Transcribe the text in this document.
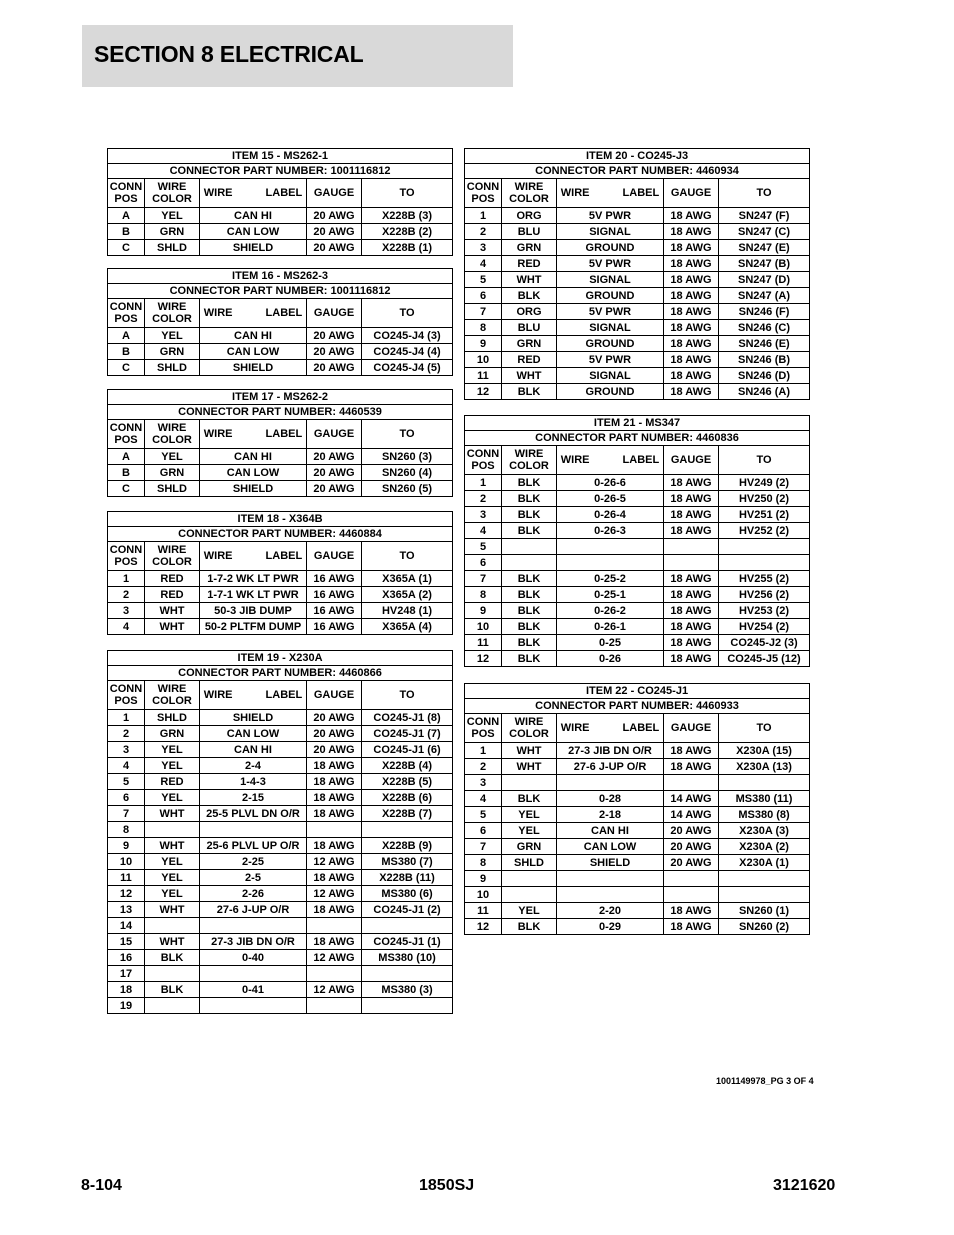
SECTION 8 ELECTRICAL
ITEM 15 - MS262-1				
CONNECTOR PART NUMBER: 1001116812				
CONN POS	WIRE COLOR	WIRE LABEL	GAUGE	TO
A	YEL	CAN HI	20 AWG	X228B (3)
B	GRN	CAN LOW	20 AWG	X228B (2)
C	SHLD	SHIELD	20 AWG	X228B (1)
ITEM 16 - MS262-3				
CONNECTOR PART NUMBER: 1001116812				
CONN POS	WIRE COLOR	WIRE LABEL	GAUGE	TO
A	YEL	CAN HI	20 AWG	CO245-J4 (3)
B	GRN	CAN LOW	20 AWG	CO245-J4 (4)
C	SHLD	SHIELD	20 AWG	CO245-J4 (5)
ITEM 17 - MS262-2				
CONNECTOR PART NUMBER: 4460539				
CONN POS	WIRE COLOR	WIRE LABEL	GAUGE	TO
A	YEL	CAN HI	20 AWG	SN260 (3)
B	GRN	CAN LOW	20 AWG	SN260 (4)
C	SHLD	SHIELD	20 AWG	SN260 (5)
ITEM 18 - X364B				
CONNECTOR PART NUMBER: 4460884				
CONN POS	WIRE COLOR	WIRE LABEL	GAUGE	TO
1	RED	1-7-2 WK LT PWR	16 AWG	X365A (1)
2	RED	1-7-1 WK LT PWR	16 AWG	X365A (2)
3	WHT	50-3 JIB DUMP	16 AWG	HV248 (1)
4	WHT	50-2 PLTFM DUMP	16 AWG	X365A (4)
ITEM 19 - X230A				
CONNECTOR PART NUMBER: 4460866				
CONN POS	WIRE COLOR	WIRE LABEL	GAUGE	TO
1	SHLD	SHIELD	20 AWG	CO245-J1 (8)
2	GRN	CAN LOW	20 AWG	CO245-J1 (7)
3	YEL	CAN HI	20 AWG	CO245-J1 (6)
4	YEL	2-4	18 AWG	X228B (4)
5	RED	1-4-3	18 AWG	X228B (5)
6	YEL	2-15	18 AWG	X228B (6)
7	WHT	25-5 PLVL DN O/R	18 AWG	X228B (7)
8				
9	WHT	25-6 PLVL UP O/R	18 AWG	X228B (9)
10	YEL	2-25	12 AWG	MS380 (7)
11	YEL	2-5	18 AWG	X228B (11)
12	YEL	2-26	12 AWG	MS380 (6)
13	WHT	27-6 J-UP O/R	18 AWG	CO245-J1 (2)
14				
15	WHT	27-3 JIB DN O/R	18 AWG	CO245-J1 (1)
16	BLK	0-40	12 AWG	MS380 (10)
17				
18	BLK	0-41	12 AWG	MS380 (3)
19				
ITEM 20 - CO245-J3				
CONNECTOR PART NUMBER: 4460934				
CONN POS	WIRE COLOR	WIRE LABEL	GAUGE	TO
1	ORG	5V PWR	18 AWG	SN247 (F)
2	BLU	SIGNAL	18 AWG	SN247 (C)
3	GRN	GROUND	18 AWG	SN247 (E)
4	RED	5V PWR	18 AWG	SN247 (B)
5	WHT	SIGNAL	18 AWG	SN247 (D)
6	BLK	GROUND	18 AWG	SN247 (A)
7	ORG	5V PWR	18 AWG	SN246 (F)
8	BLU	SIGNAL	18 AWG	SN246 (C)
9	GRN	GROUND	18 AWG	SN246 (E)
10	RED	5V PWR	18 AWG	SN246 (B)
11	WHT	SIGNAL	18 AWG	SN246 (D)
12	BLK	GROUND	18 AWG	SN246 (A)
ITEM 21 - MS347				
CONNECTOR PART NUMBER: 4460836				
CONN POS	WIRE COLOR	WIRE LABEL	GAUGE	TO
1	BLK	0-26-6	18 AWG	HV249 (2)
2	BLK	0-26-5	18 AWG	HV250 (2)
3	BLK	0-26-4	18 AWG	HV251 (2)
4	BLK	0-26-3	18 AWG	HV252 (2)
5				
6				
7	BLK	0-25-2	18 AWG	HV255 (2)
8	BLK	0-25-1	18 AWG	HV256 (2)
9	BLK	0-26-2	18 AWG	HV253 (2)
10	BLK	0-26-1	18 AWG	HV254 (2)
11	BLK	0-25	18 AWG	CO245-J2 (3)
12	BLK	0-26	18 AWG	CO245-J5 (12)
ITEM 22 - CO245-J1				
CONNECTOR PART NUMBER: 4460933				
CONN POS	WIRE COLOR	WIRE LABEL	GAUGE	TO
1	WHT	27-3 JIB DN O/R	18 AWG	X230A (15)
2	WHT	27-6 J-UP O/R	18 AWG	X230A (13)
3				
4	BLK	0-28	14 AWG	MS380 (11)
5	YEL	2-18	14 AWG	MS380 (8)
6	YEL	CAN HI	20 AWG	X230A (3)
7	GRN	CAN LOW	20 AWG	X230A (2)
8	SHLD	SHIELD	20 AWG	X230A (1)
9				
10				
11	YEL	2-20	18 AWG	SN260 (1)
12	BLK	0-29	18 AWG	SN260 (2)
1001149978_PG 3 OF 4
8-104	1850SJ	3121620
